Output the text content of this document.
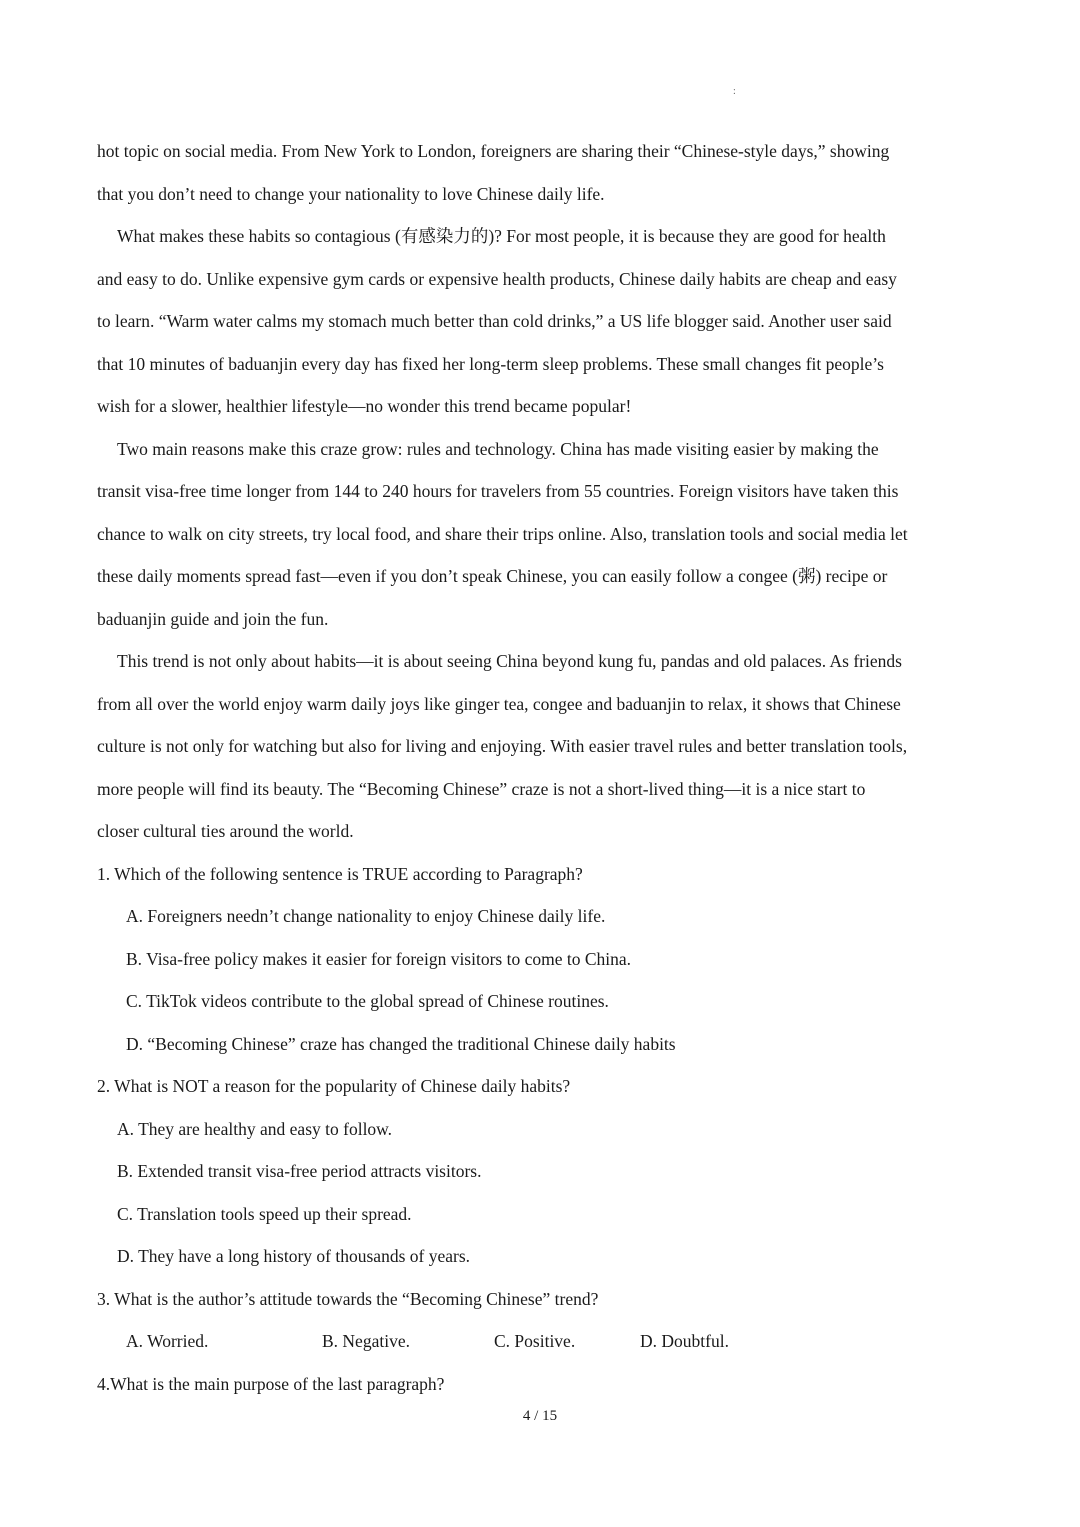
:
hot topic on social media. From New York to London, foreigners are sharing their “Chinese-style days,” showing
that you don’t need to change your nationality to love Chinese daily life.
What makes these habits so contagious (有感染力的)? For most people, it is because they are good for health
and easy to do. Unlike expensive gym cards or expensive health products, Chinese daily habits are cheap and easy
to learn. “Warm water calms my stomach much better than cold drinks,” a US life blogger said. Another user said
that 10 minutes of baduanjin every day has fixed her long-term sleep problems. These small changes fit people’s
wish for a slower, healthier lifestyle—no wonder this trend became popular!
Two main reasons make this craze grow: rules and technology. China has made visiting easier by making the
transit visa-free time longer from 144 to 240 hours for travelers from 55 countries. Foreign visitors have taken this
chance to walk on city streets, try local food, and share their trips online. Also, translation tools and social media let
these daily moments spread fast—even if you don’t speak Chinese, you can easily follow a congee (粥) recipe or
baduanjin guide and join the fun.
This trend is not only about habits—it is about seeing China beyond kung fu, pandas and old palaces. As friends
from all over the world enjoy warm daily joys like ginger tea, congee and baduanjin to relax, it shows that Chinese
culture is not only for watching but also for living and enjoying. With easier travel rules and better translation tools,
more people will find its beauty. The “Becoming Chinese” craze is not a short-lived thing—it is a nice start to
closer cultural ties around the world.
1. Which of the following sentence is TRUE according to Paragraph?
A. Foreigners needn’t change nationality to enjoy Chinese daily life.
B. Visa-free policy makes it easier for foreign visitors to come to China.
C. TikTok videos contribute to the global spread of Chinese routines.
D. “Becoming Chinese” craze has changed the traditional Chinese daily habits
2. What is NOT a reason for the popularity of Chinese daily habits?
A. They are healthy and easy to follow.
B. Extended transit visa-free period attracts visitors.
C. Translation tools speed up their spread.
D. They have a long history of thousands of years.
3. What is the author’s attitude towards the “Becoming Chinese” trend?
A. Worried.	B. Negative.	C. Positive.	D. Doubtful.
4.What is the main purpose of the last paragraph?
4 / 15
